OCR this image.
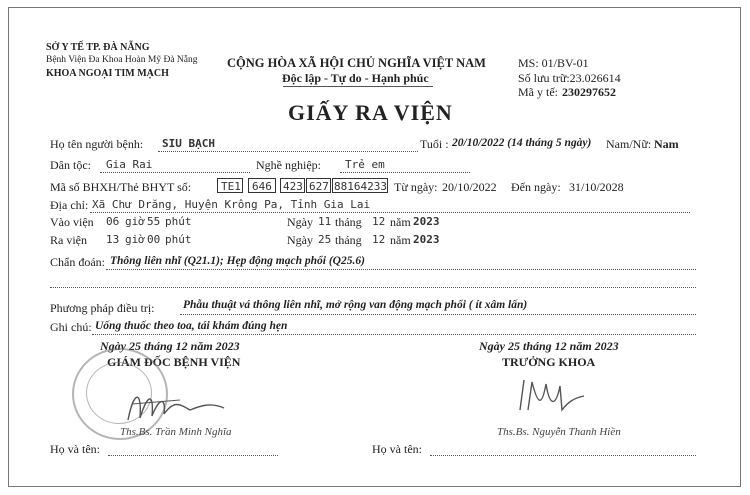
SỞ Y TẾ TP. ĐÀ NẴNG
Bệnh Viện Đa Khoa Hoàn Mỹ Đà Nẵng
KHOA NGOẠI TIM MẠCH
CỘNG HÒA XÃ HỘI CHỦ NGHĨA VIỆT NAM
Độc lập - Tự do - Hạnh phúc
MS: 01/BV-01
Số lưu trữ:23.026614
Mã y tế: 230297652
GIẤY RA VIỆN
Họ tên người bệnh: SIU BẠCH	Tuổi : 20/10/2022 (14 tháng 5 ngày) Nam/Nữ: Nam
Dân tộc: Gia Rai	Nghề nghiệp: Trẻ em
Mã số BHXH/Thẻ BHYT số:	TE1 646 423 627 88164233 Từ ngày: 20/10/2022 Đến ngày: 31/10/2028
Địa chỉ: Xã Chư Drăng, Huyện Krông Pa, Tỉnh Gia Lai
Vào viện 06 giờ 55 phút	Ngày 11 tháng 12 năm 2023
Ra viện 13 giờ 00 phút	Ngày 25 tháng 12 năm 2023
Chẩn đoán: Thông liên nhĩ (Q21.1); Hẹp động mạch phổi (Q25.6)
Phương pháp điều trị: Phẫu thuật vá thông liên nhĩ, mở rộng van động mạch phổi ( ít xâm lấn)
Ghi chú: Uống thuốc theo toa, tái khám đúng hẹn
Ngày 25 tháng 12 năm 2023
GIÁM ĐỐC BỆNH VIỆN
Ths.Bs. Trần Minh Nghĩa
Họ và tên:
Ngày 25 tháng 12 năm 2023
TRƯỞNG KHOA
Ths.Bs. Nguyễn Thanh Hiền
Họ và tên:
